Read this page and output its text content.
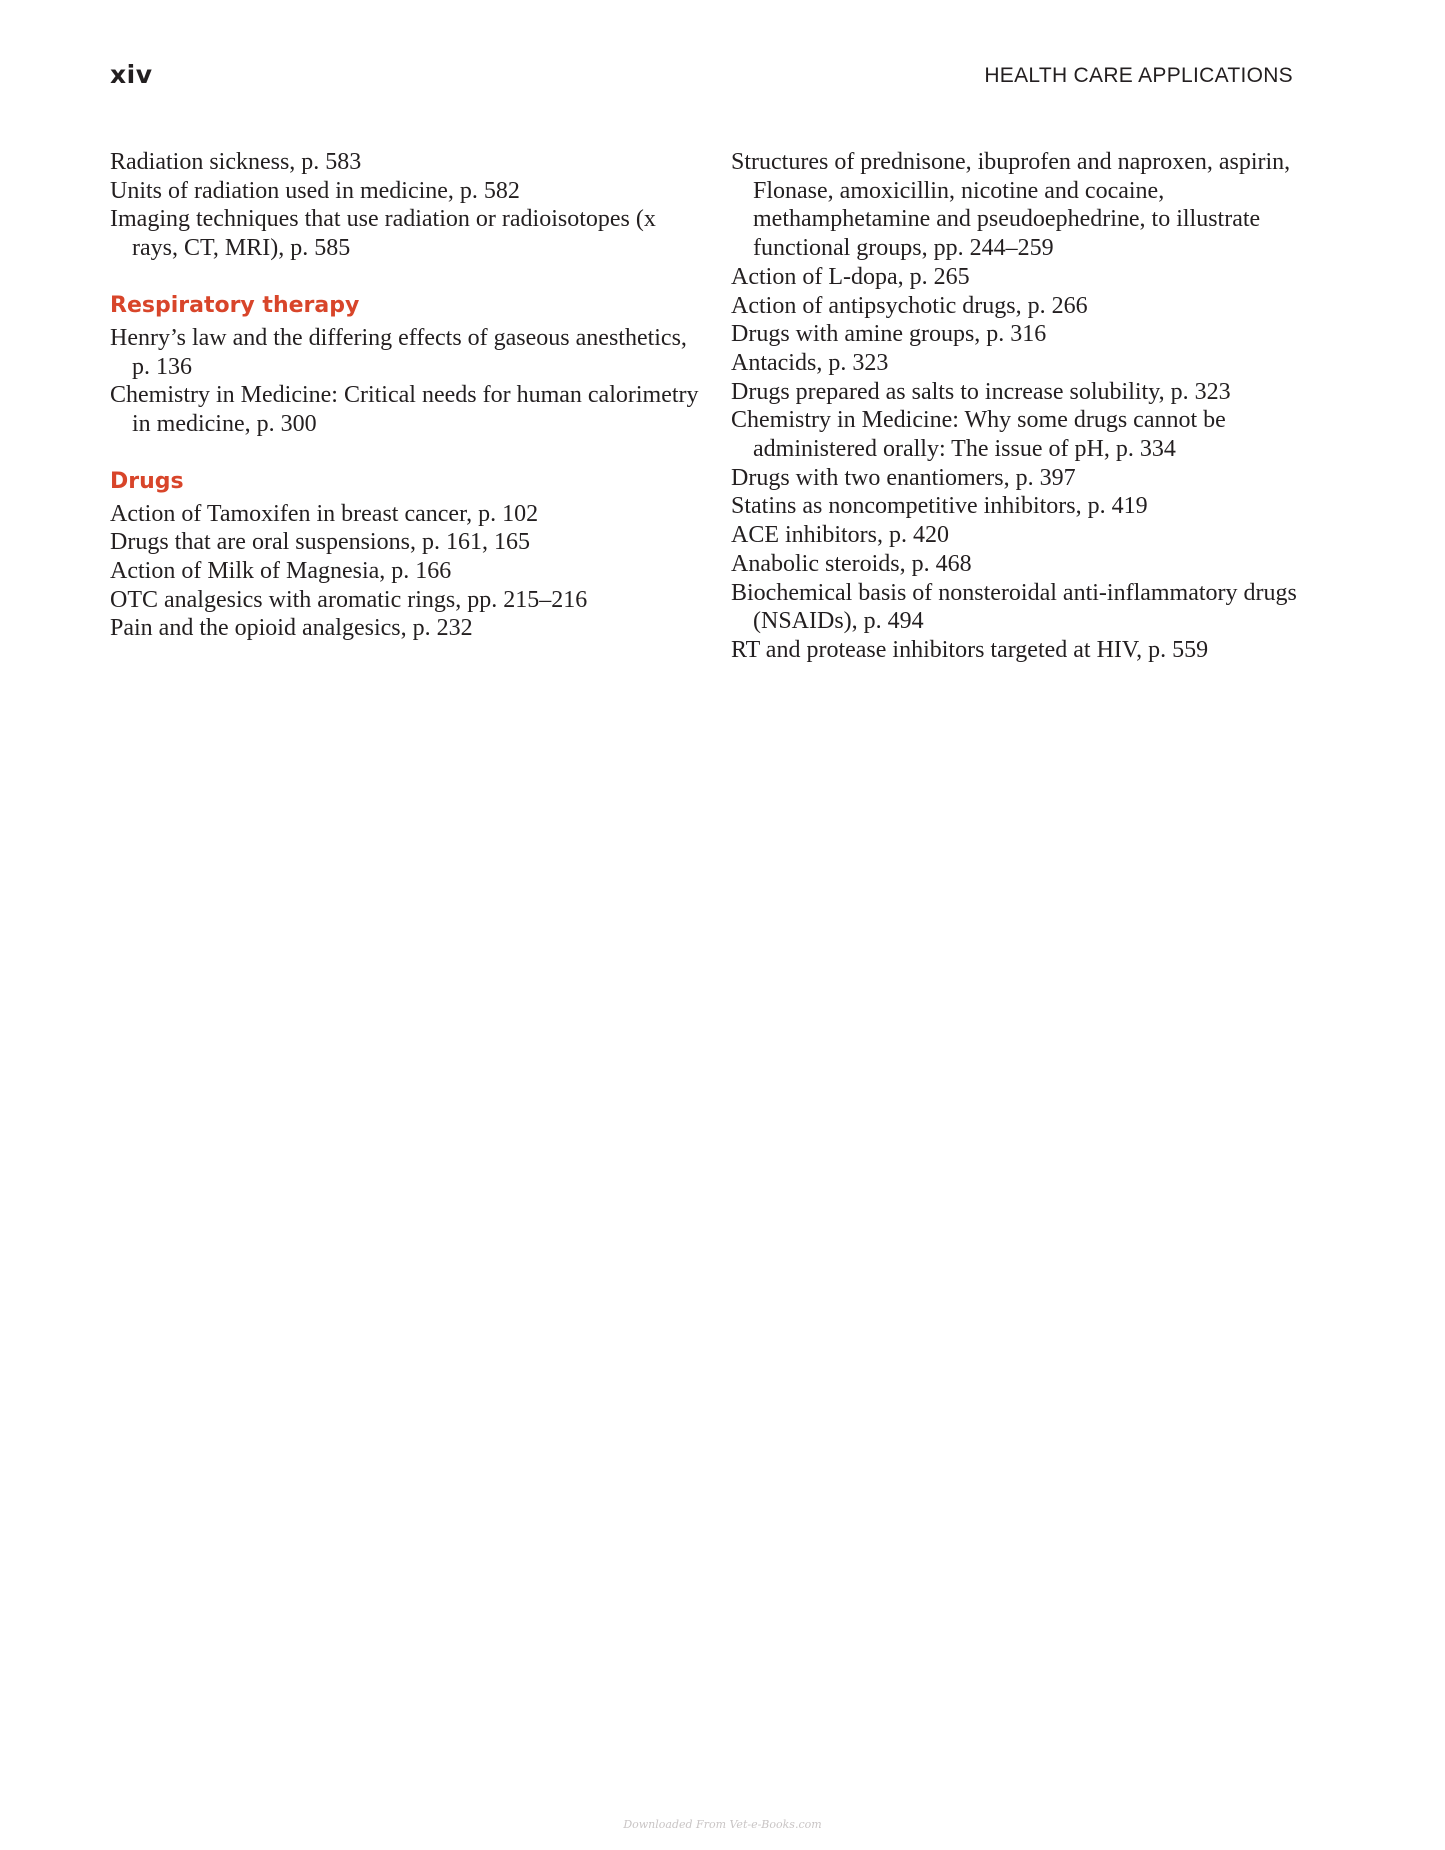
xiv	HEALTH CARE APPLICATIONS

Radiation sickness, p. 583

Units of radiation used in medicine, p. 582

Imaging techniques that use radiation or radioisotopes (x rays, CT, MRI), p. 585

Respiratory therapy

Henry’s law and the differing effects of gaseous anesthetics, p. 136

Chemistry in Medicine: Critical needs for human calorimetry in medicine, p. 300

Drugs

Action of Tamoxifen in breast cancer, p. 102

Drugs that are oral suspensions, p. 161, 165

Action of Milk of Magnesia, p. 166

OTC analgesics with aromatic rings, pp. 215–216

Pain and the opioid analgesics, p. 232

Structures of prednisone, ibuprofen and naproxen, aspirin, Flonase, amoxicillin, nicotine and cocaine, methamphetamine and pseudoephedrine, to illustrate functional groups, pp. 244–259

Action of L-dopa, p. 265

Action of antipsychotic drugs, p. 266

Drugs with amine groups, p. 316

Antacids, p. 323

Drugs prepared as salts to increase solubility, p. 323

Chemistry in Medicine: Why some drugs cannot be administered orally: The issue of pH, p. 334

Drugs with two enantiomers, p. 397

Statins as noncompetitive inhibitors, p. 419

ACE inhibitors, p. 420

Anabolic steroids, p. 468

Biochemical basis of nonsteroidal anti-inflammatory drugs (NSAIDs), p. 494

RT and protease inhibitors targeted at HIV, p. 559

Downloaded From Vet-e-Books.com
